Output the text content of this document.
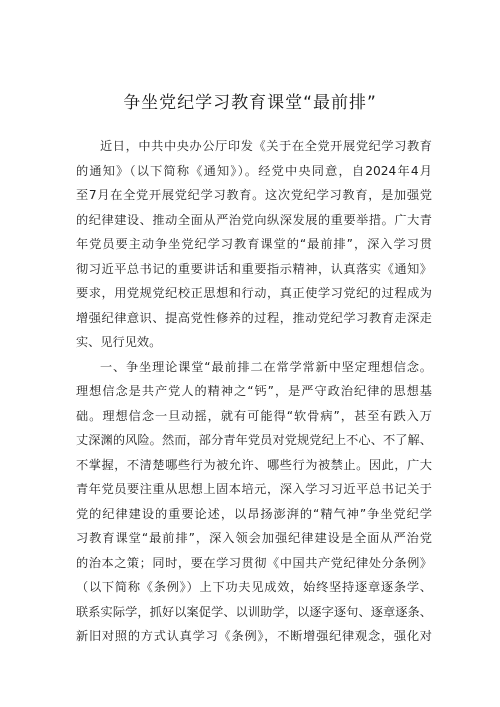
争坐党纪学习教育课堂“最前排”
近日，中共中央办公厅印发《关于在全党开展党纪学习教育
的通知》（以下简称《通知》）。经党中央同意，自2024年4月
至7月在全党开展党纪学习教育。这次党纪学习教育，是加强党
的纪律建设、推动全面从严治党向纵深发展的重要举措。广大青
年党员要主动争坐党纪学习教育课堂的“最前排”，深入学习贯
彻习近平总书记的重要讲话和重要指示精神，认真落实《通知》
要求，用党规党纪校正思想和行动，真正使学习党纪的过程成为
增强纪律意识、提高党性修养的过程，推动党纪学习教育走深走
实、见行见效。
一、争坐理论课堂“最前排二在常学常新中坚定理想信念。
理想信念是共产党人的精神之“钙”，是严守政治纪律的思想基
础。理想信念一旦动摇，就有可能得“软骨病”，甚至有跌入万
丈深渊的风险。然而，部分青年党员对党规党纪上不心、不了解、
不掌握，不清楚哪些行为被允许、哪些行为被禁止。因此，广大
青年党员要注重从思想上固本培元，深入学习习近平总书记关于
党的纪律建设的重要论述，以昂扬澎湃的“精气神”争坐党纪学
习教育课堂“最前排”，深入领会加强纪律建设是全面从严治党
的治本之策；同时，要在学习贯彻《中国共产党纪律处分条例》
（以下简称《条例》）上下功夫见成效，始终坚持逐章逐条学、
联系实际学，抓好以案促学、以训助学，以逐字逐句、逐章逐条、
新旧对照的方式认真学习《条例》，不断增强纪律观念，强化对
